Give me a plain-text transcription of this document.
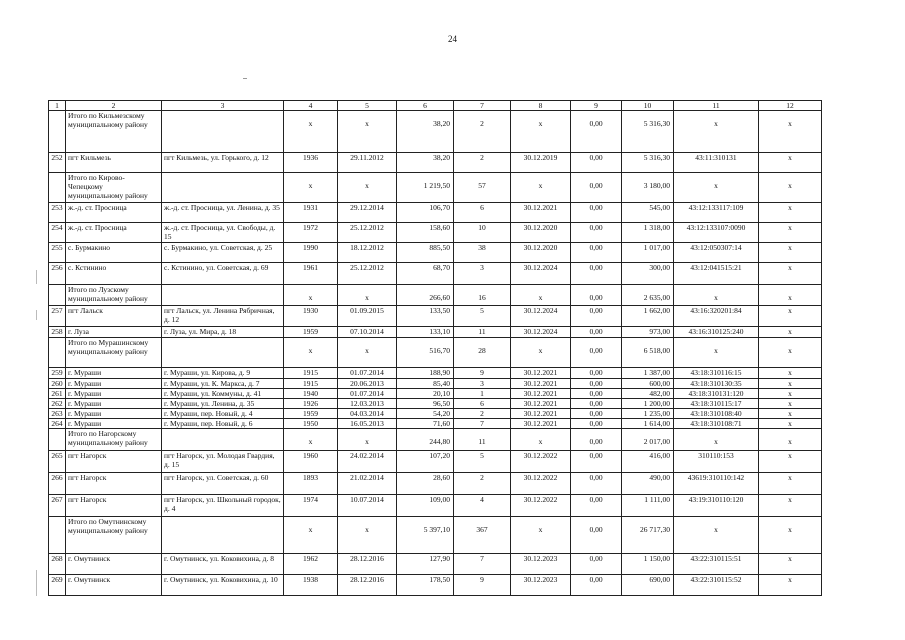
24
1	2	3	4	5	6	7	8	9	10	11	12
	Итого по Кильмезскому муниципальному району		x	x	38,20	2	x	0,00	5 316,30	x	x
252	пгт Кильмезь	пгт Кильмезь, ул. Горького, д. 12	1936	29.11.2012	38,20	2	30.12.2019	0,00	5 316,30	43:11:310131	x
	Итого по Кирово-Чепецкому муниципальному району		x	x	1 219,50	57	x	0,00	3 180,00	x	x
253	ж.-д. ст. Просница	ж.-д. ст. Просница, ул. Ленина, д. 35	1931	29.12.2014	106,70	6	30.12.2021	0,00	545,00	43:12:133117:109	x
254	ж.-д. ст. Просница	ж.-д. ст. Просница, ул. Свободы, д. 15	1972	25.12.2012	158,60	10	30.12.2020	0,00	1 318,00	43:12:133107:0090	x
255	с. Бурмакино	с. Бурмакино, ул. Советская, д. 25	1990	18.12.2012	885,50	38	30.12.2020	0,00	1 017,00	43:12:050307:14	x
256	с. Кстинино	с. Кстинино, ул. Советская, д. 69	1961	25.12.2012	68,70	3	30.12.2024	0,00	300,00	43:12:041515:21	x
	Итого по Лузскому муниципальному району		x	x	266,60	16	x	0,00	2 635,00	x	x
257	пгт Лальск	пгт Лальск, ул. Ленина Рябричная, д. 12	1930	01.09.2015	133,50	5	30.12.2024	0,00	1 662,00	43:16:320201:84	x
258	г. Луза	г. Луза, ул. Мира, д. 18	1959	07.10.2014	133,10	11	30.12.2024	0,00	973,00	43:16:310125:240	x
	Итого по Мурашинскому муниципальному району		x	x	516,70	28	x	0,00	6 518,00	x	x
259	г. Мураши	г. Мураши, ул. Кирова, д. 9	1915	01.07.2014	188,90	9	30.12.2021	0,00	1 387,00	43:18:310116:15	x
260	г. Мураши	г. Мураши, ул. К. Маркса, д. 7	1915	20.06.2013	85,40	3	30.12.2021	0,00	600,00	43:18:310130:35	x
261	г. Мураши	г. Мураши, ул. Коммуны, д. 41	1940	01.07.2014	20,10	1	30.12.2021	0,00	482,00	43:18:310131:120	x
262	г. Мураши	г. Мураши, ул. Ленина, д. 35	1926	12.03.2013	96,50	6	30.12.2021	0,00	1 200,00	43:18:310115:17	x
263	г. Мураши	г. Мураши, пер. Новый, д. 4	1959	04.03.2014	54,20	2	30.12.2021	0,00	1 235,00	43:18:310108:40	x
264	г. Мураши	г. Мураши, пер. Новый, д. 6	1950	16.05.2013	71,60	7	30.12.2021	0,00	1 614,00	43:18:310108:71	x
	Итого по Нагорскому муниципальному району		x	x	244,80	11	x	0,00	2 017,00	x	x
265	пгт Нагорск	пгт Нагорск, ул. Молодая Гвардия, д. 15	1960	24.02.2014	107,20	5	30.12.2022	0,00	416,00	310110:153	x
266	пгт Нагорск	пгт Нагорск, ул. Советская, д. 60	1893	21.02.2014	28,60	2	30.12.2022	0,00	490,00	43619:310110:142	x
267	пгт Нагорск	пгт Нагорск, ул. Школьный городок, д. 4	1974	10.07.2014	109,00	4	30.12.2022	0,00	1 111,00	43:19:310110:120	x
	Итого по Омутнинскому муниципальному району		x	x	5 397,10	367	x	0,00	26 717,30	x	x
268	г. Омутнинск	г. Омутнинск, ул. Коковихина, д. 8	1962	28.12.2016	127,90	7	30.12.2023	0,00	1 150,00	43:22:310115:51	x
269	г. Омутнинск	г. Омутнинск, ул. Коковихина, д. 10	1938	28.12.2016	178,50	9	30.12.2023	0,00	690,00	43:22:310115:52	x
